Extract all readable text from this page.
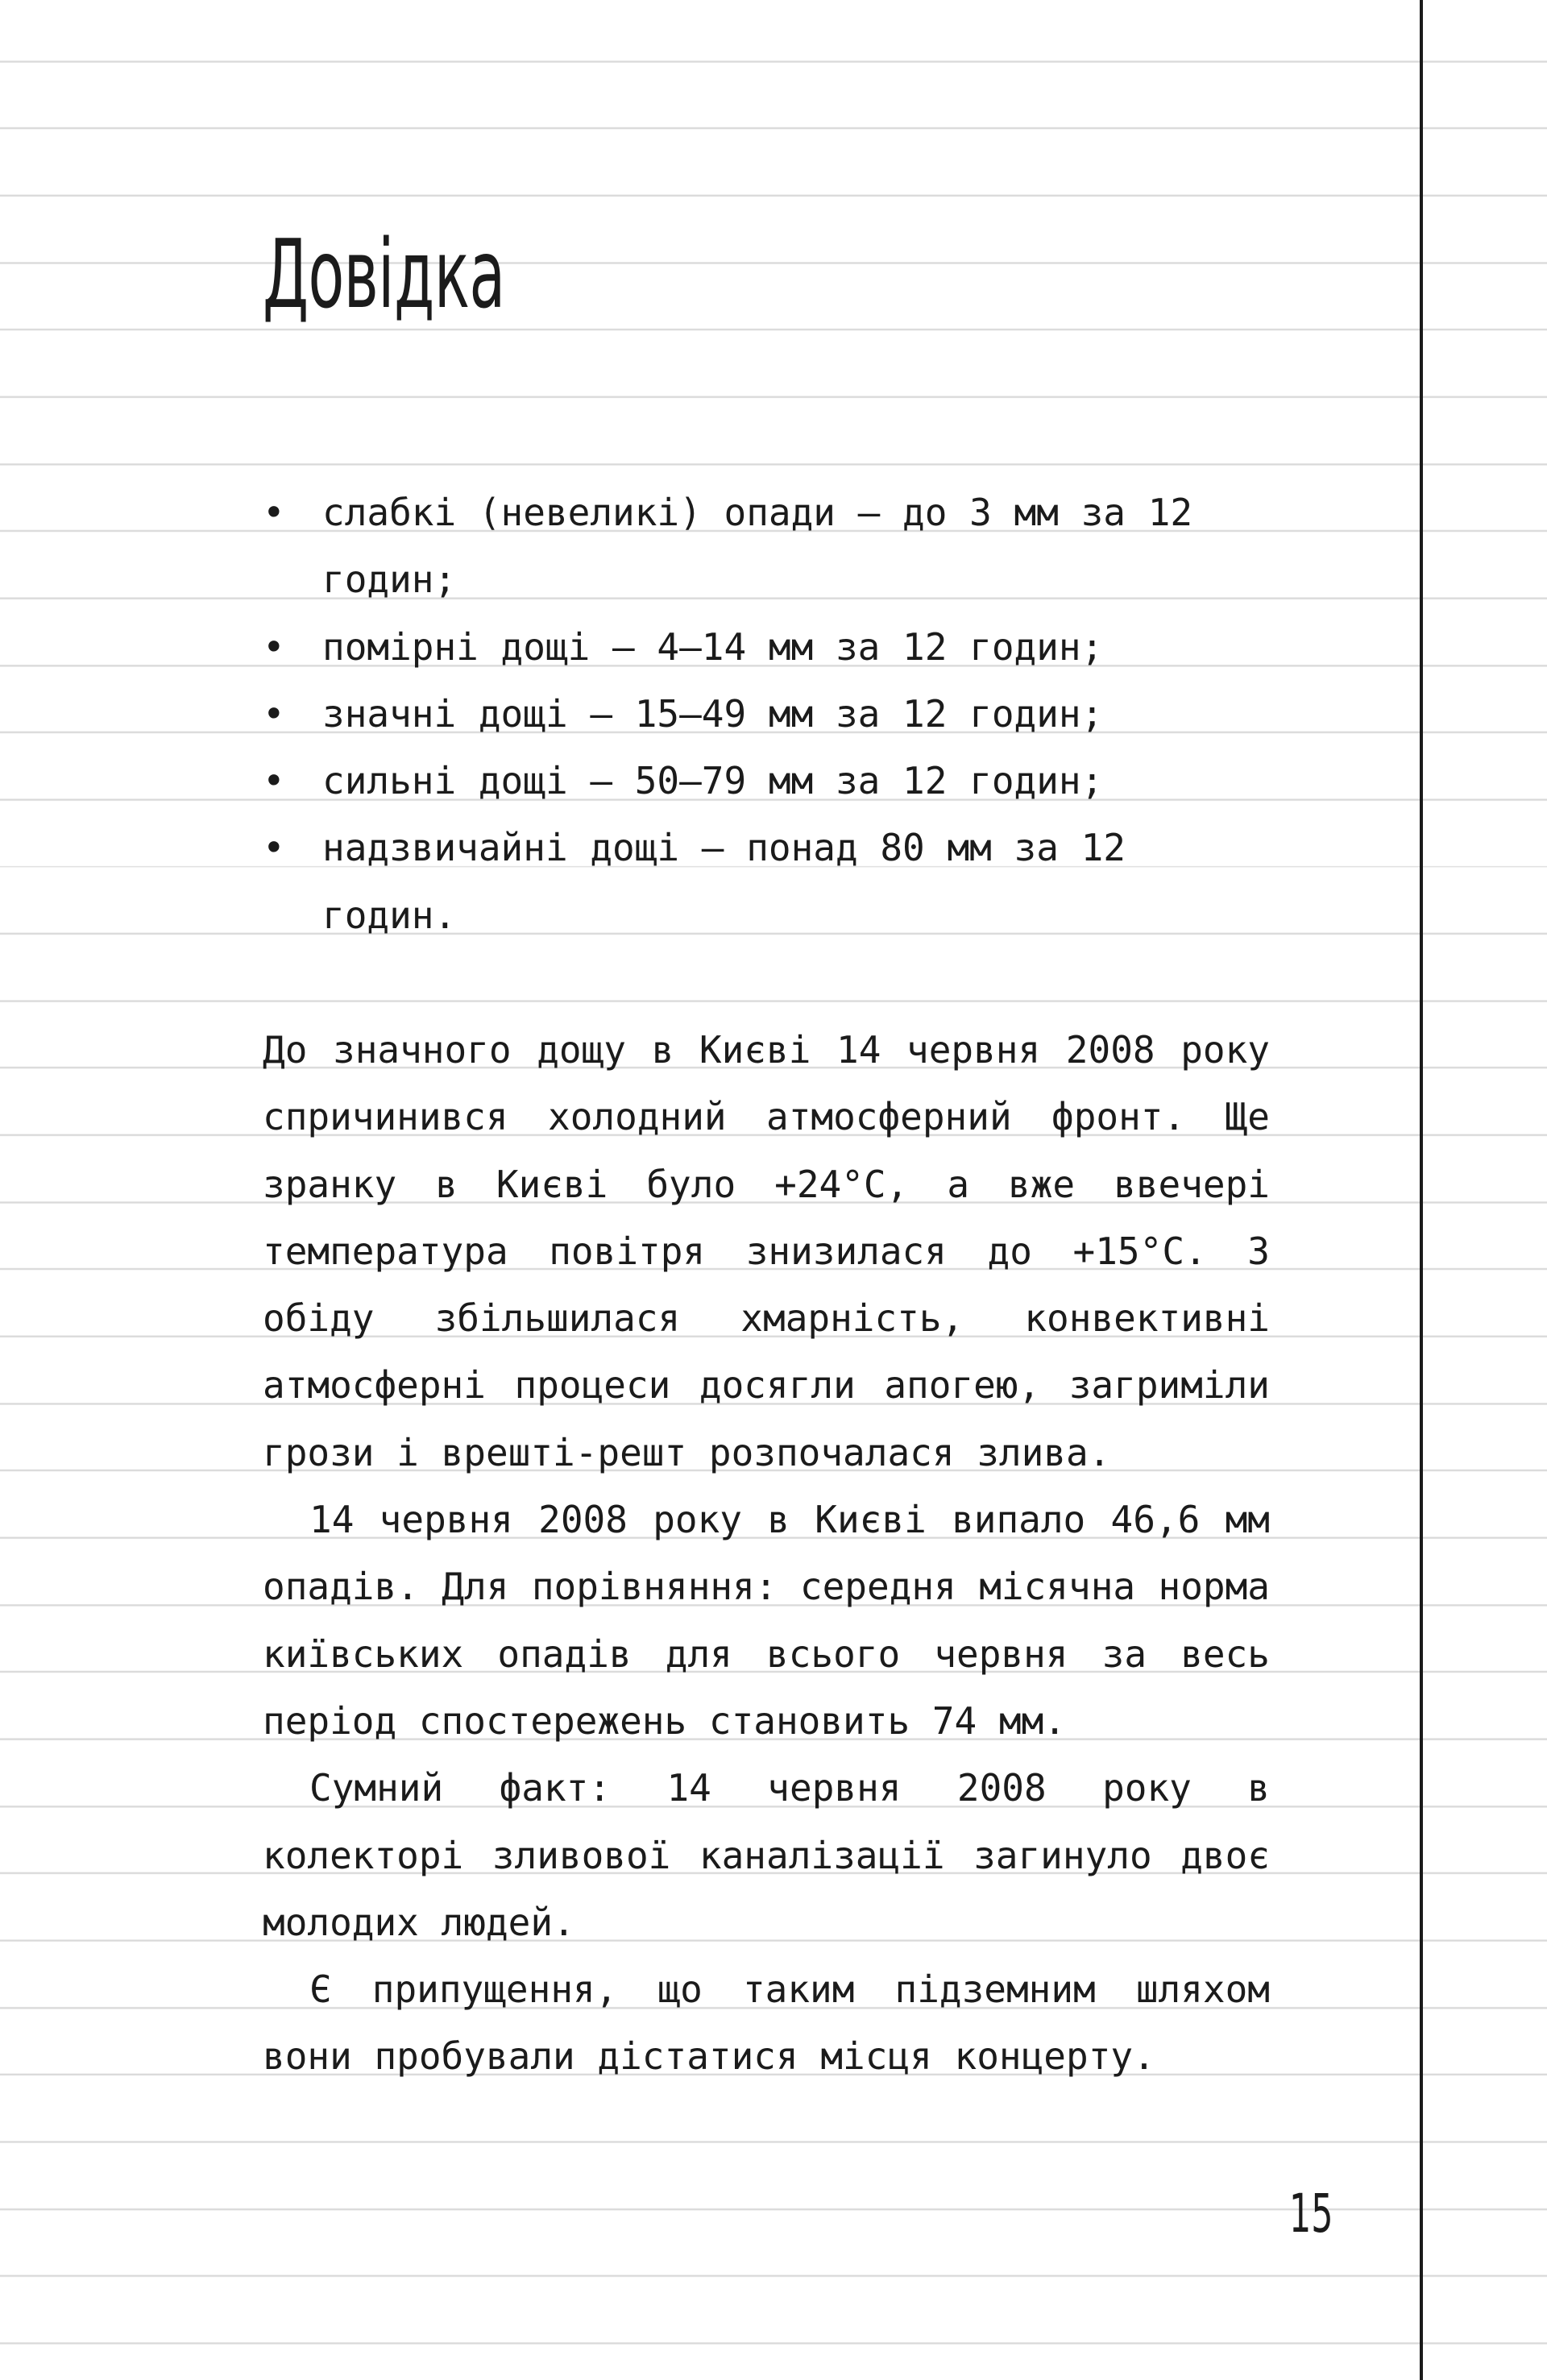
Довідка
• слабкі (невеликі) опади — до 3 мм за 12 годин;
• помірні дощі — 4–14 мм за 12 годин;
• значні дощі — 15–49 мм за 12 годин;
• сильні дощі — 50–79 мм за 12 годин;
• надзвичайні дощі — понад 80 мм за 12 годин.

До значного дощу в Києві 14 червня 2008 року спричинився холодний атмосферний фронт. Ще зранку в Києві було +24°С, а вже ввечері температура повітря знизилася до +15°С. З обіду збільшилася хмарність, конвективні атмосферні процеси досягли апогею, загриміли грози і врешті-решт розпочалася злива.

14 червня 2008 року в Києві випало 46,6 мм опадів. Для порівняння: середня місячна норма київських опадів для всього червня за весь період спостережень становить 74 мм.

Сумний факт: 14 червня 2008 року в колекторі зливової каналізації загинуло двоє молодих людей.

Є припущення, що таким підземним шляхом вони пробували дістатися місця концерту.

15
